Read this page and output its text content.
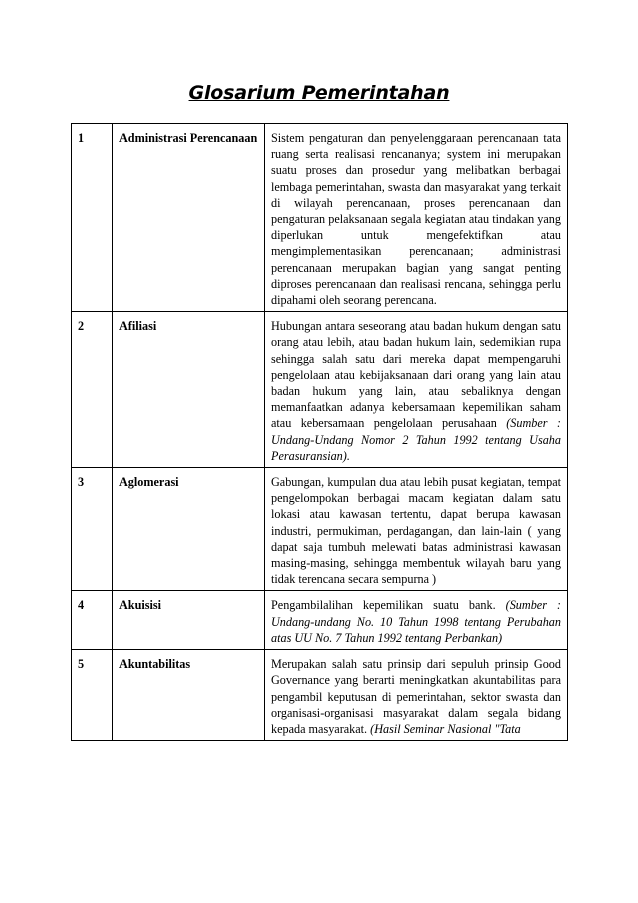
Glosarium Pemerintahan
1	Administrasi Perencanaan	Sistem pengaturan dan penyelenggaraan perencanaan tata ruang serta realisasi rencananya; system ini merupakan suatu proses dan prosedur yang melibatkan berbagai lembaga pemerintahan, swasta dan masyarakat yang terkait di wilayah perencanaan, proses perencanaan dan pengaturan pelaksanaan segala kegiatan atau tindakan yang diperlukan untuk mengefektifkan atau mengimplementasikan perencanaan; administrasi perencanaan merupakan bagian yang sangat penting diproses perencanaan dan realisasi rencana, sehingga perlu dipahami oleh seorang perencana.
2	Afiliasi	Hubungan antara seseorang atau badan hukum dengan satu orang atau lebih, atau badan hukum lain, sedemikian rupa sehingga salah satu dari mereka dapat mempengaruhi pengelolaan atau kebijaksanaan dari orang yang lain atau badan hukum yang lain, atau sebaliknya dengan memanfaatkan adanya kebersamaan kepemilikan saham atau kebersamaan pengelolaan perusahaan (Sumber : Undang-Undang Nomor 2 Tahun 1992 tentang Usaha Perasuransian).
3	Aglomerasi	Gabungan, kumpulan dua atau lebih pusat kegiatan, tempat pengelompokan berbagai macam kegiatan dalam satu lokasi atau kawasan tertentu, dapat berupa kawasan industri, permukiman, perdagangan, dan lain-lain ( yang dapat saja tumbuh melewati batas administrasi kawasan masing-masing, sehingga membentuk wilayah baru yang tidak terencana secara sempurna )
4	Akuisisi	Pengambilalihan kepemilikan suatu bank. (Sumber : Undang-undang No. 10 Tahun 1998 tentang Perubahan atas UU No. 7 Tahun 1992 tentang Perbankan)
5	Akuntabilitas	Merupakan salah satu prinsip dari sepuluh prinsip Good Governance yang berarti meningkatkan akuntabilitas para pengambil keputusan di pemerintahan, sektor swasta dan organisasi-organisasi masyarakat dalam segala bidang kepada masyarakat. (Hasil Seminar Nasional "Tata
